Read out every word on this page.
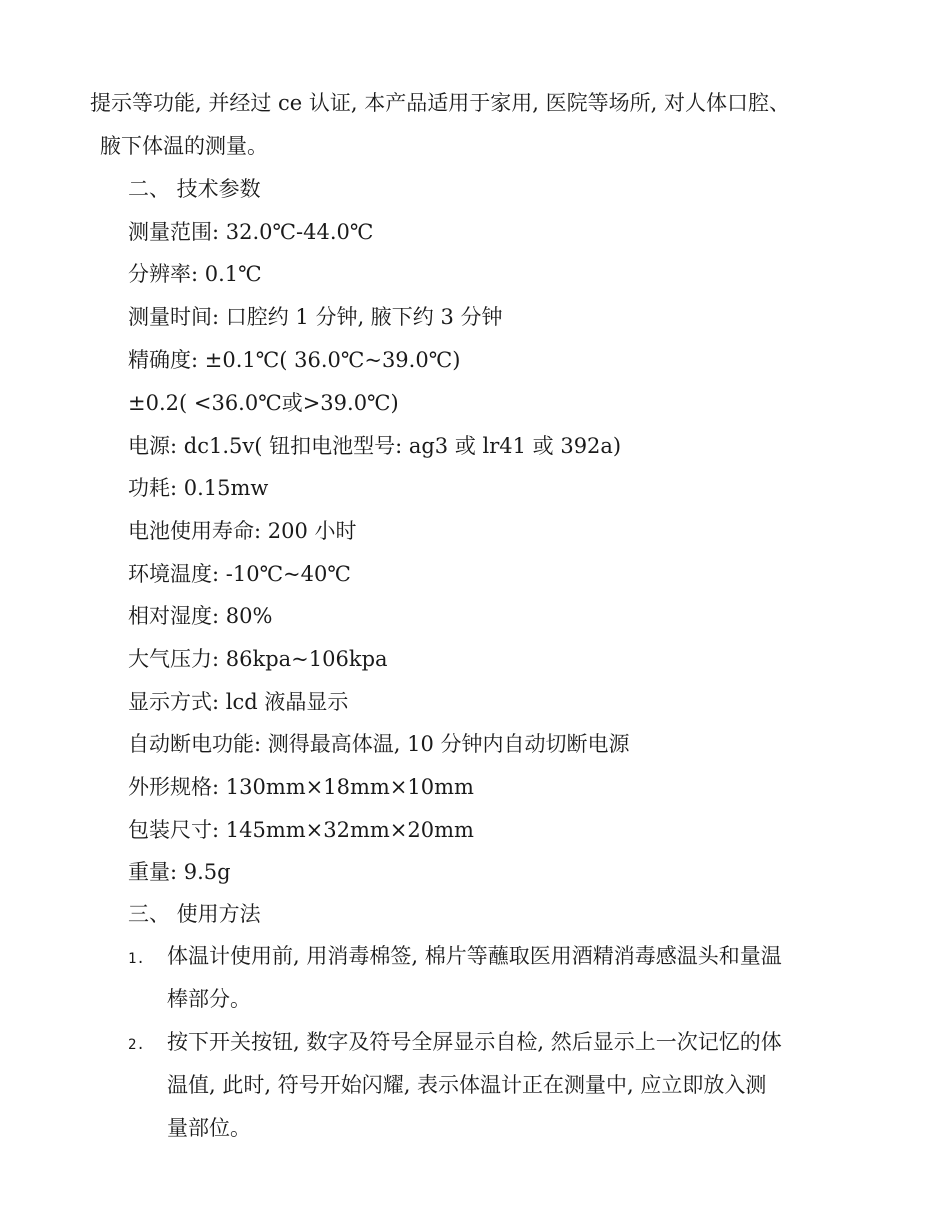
提示等功能, 并经过 ce 认证, 本产品适用于家用, 医院等场所, 对人体口腔、
腋下体温的测量。
二、 技术参数
测量范围: 32.0℃-44.0℃
分辨率: 0.1℃
测量时间: 口腔约 1 分钟, 腋下约 3 分钟
精确度: ±0.1℃( 36.0℃~39.0℃)
±0.2( <36.0℃或>39.0℃)
电源: dc1.5v( 钮扣电池型号: ag3 或 lr41 或 392a)
功耗: 0.15mw
电池使用寿命: 200 小时
环境温度: -10℃~40℃
相对湿度: 80%
大气压力: 86kpa~106kpa
显示方式: lcd 液晶显示
自动断电功能: 测得最高体温, 10 分钟内自动切断电源
外形规格: 130mm×18mm×10mm
包装尺寸: 145mm×32mm×20mm
重量: 9.5g
三、 使用方法
1. 体温计使用前, 用消毒棉签, 棉片等蘸取医用酒精消毒感温头和量温
棒部分。
2. 按下开关按钮, 数字及符号全屏显示自检, 然后显示上一次记忆的体
温值, 此时, 符号开始闪耀, 表示体温计正在测量中, 应立即放入测
量部位。
